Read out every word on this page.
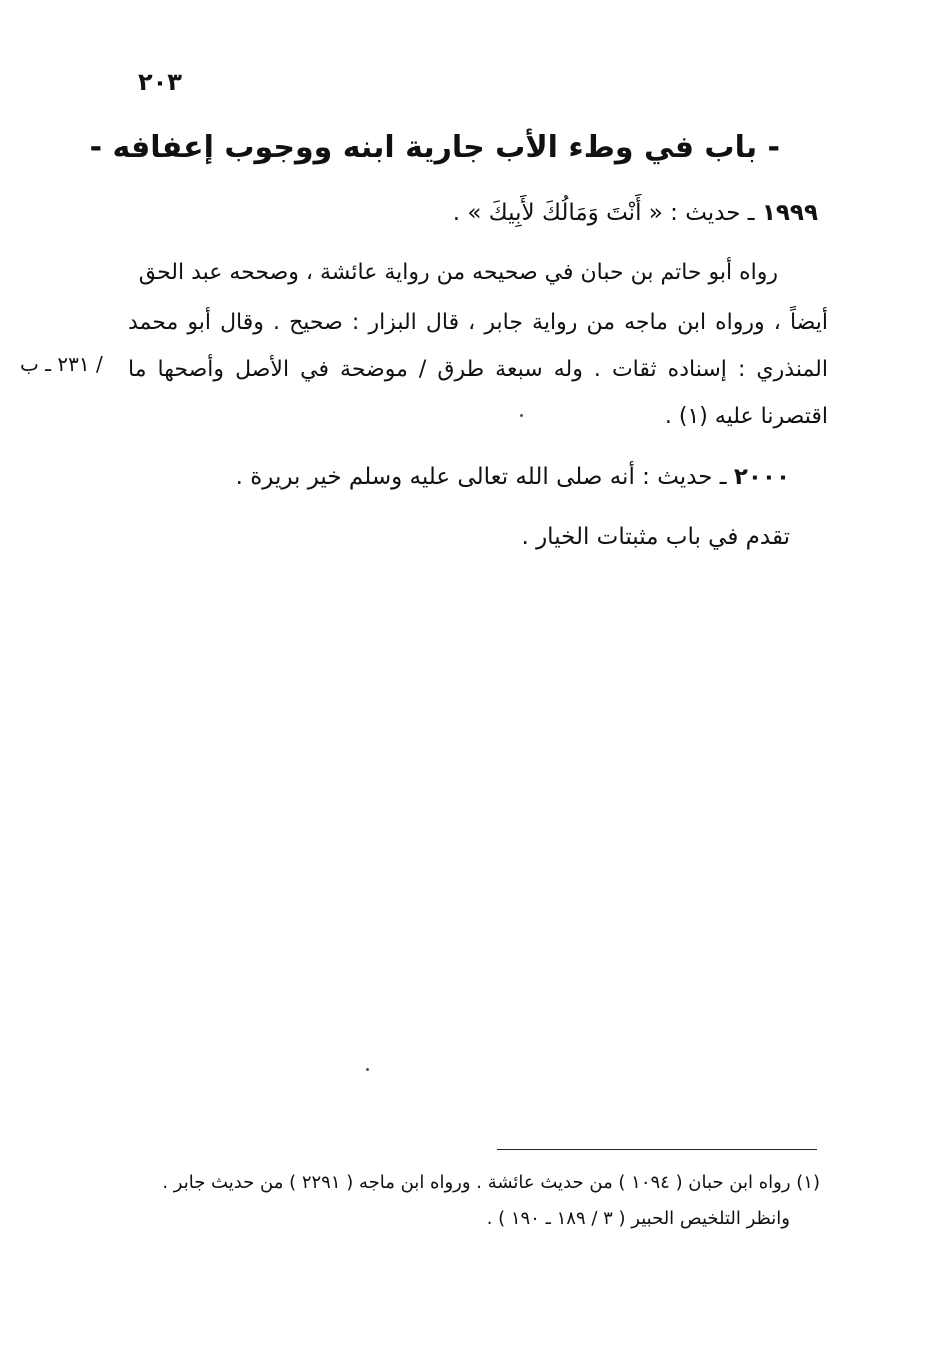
٢٠٣
- باب في وطء الأب جارية ابنه ووجوب إعفافه -
١٩٩٩ ـ حديث : « أَنْتَ وَمَالُكَ لأَبِيكَ » .
رواه أبو حاتم بن حبان في صحيحه من رواية عائشة ، وصححه عبد الحق
أيضاً ، ورواه ابن ماجه من رواية جابر ، قال البزار : صحيح . وقال أبو محمد
المنذري : إسناده ثقات . وله سبعة طرق / موضحة في الأصل وأصحها ما
اقتصرنا عليه (١) .
/ ٢٣١ ـ ب
٢٠٠٠ ـ حديث : أنه صلى الله تعالى عليه وسلم خير بريرة .
تقدم في باب مثبتات الخيار .
(١) رواه ابن حبان ( ١٠٩٤ ) من حديث عائشة . ورواه ابن ماجه ( ٢٢٩١ ) من حديث جابر .
وانظر التلخيص الحبير ( ٣ / ١٨٩ ـ ١٩٠ ) .
